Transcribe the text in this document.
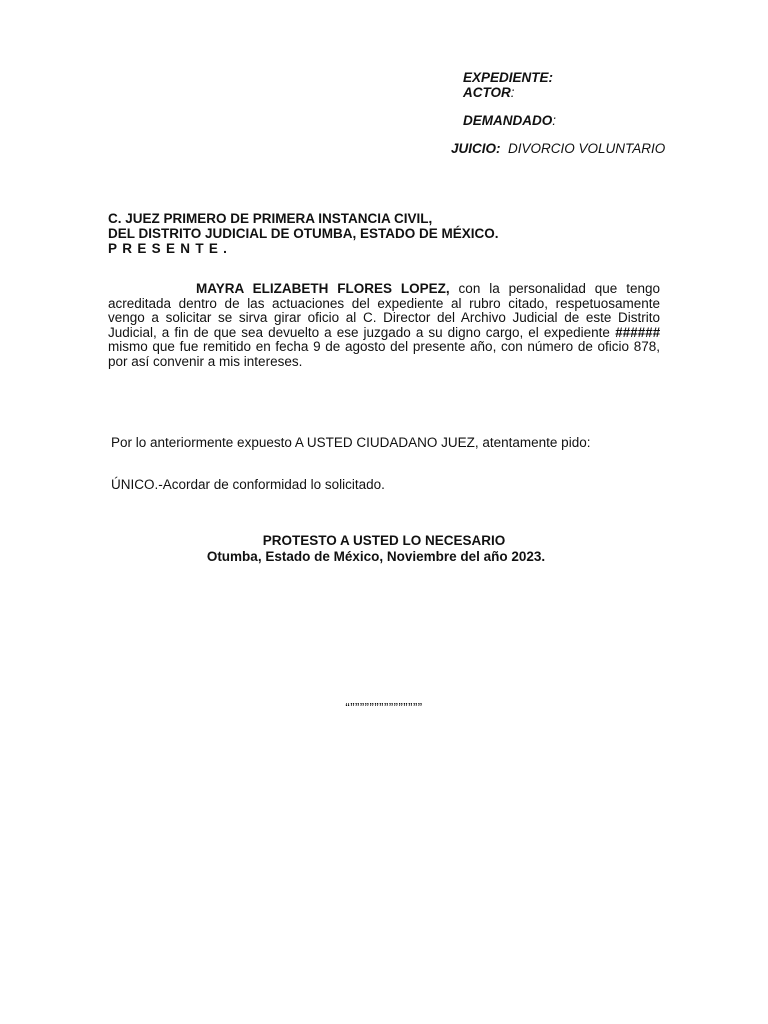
EXPEDIENTE:
ACTOR:
DEMANDADO:
JUICIO: DIVORCIO VOLUNTARIO
C. JUEZ PRIMERO DE PRIMERA INSTANCIA CIVIL,
DEL DISTRITO JUDICIAL DE OTUMBA, ESTADO DE MÉXICO.
PRESENTE.
MAYRA ELIZABETH FLORES LOPEZ, con la personalidad que tengo acreditada dentro de las actuaciones del expediente al rubro citado, respetuosamente vengo a solicitar se sirva girar oficio al C. Director del Archivo Judicial de este Distrito Judicial, a fin de que sea devuelto a ese juzgado a su digno cargo, el expediente ###### mismo que fue remitido en fecha 9 de agosto del presente año, con número de oficio 878, por así convenir a mis intereses.
Por lo anteriormente expuesto A USTED CIUDADANO JUEZ, atentamente pido:
ÚNICO.-Acordar de conformidad lo solicitado.
PROTESTO A USTED LO NECESARIO
Otumba, Estado de México, Noviembre del año 2023.
“”””””””””””””””
